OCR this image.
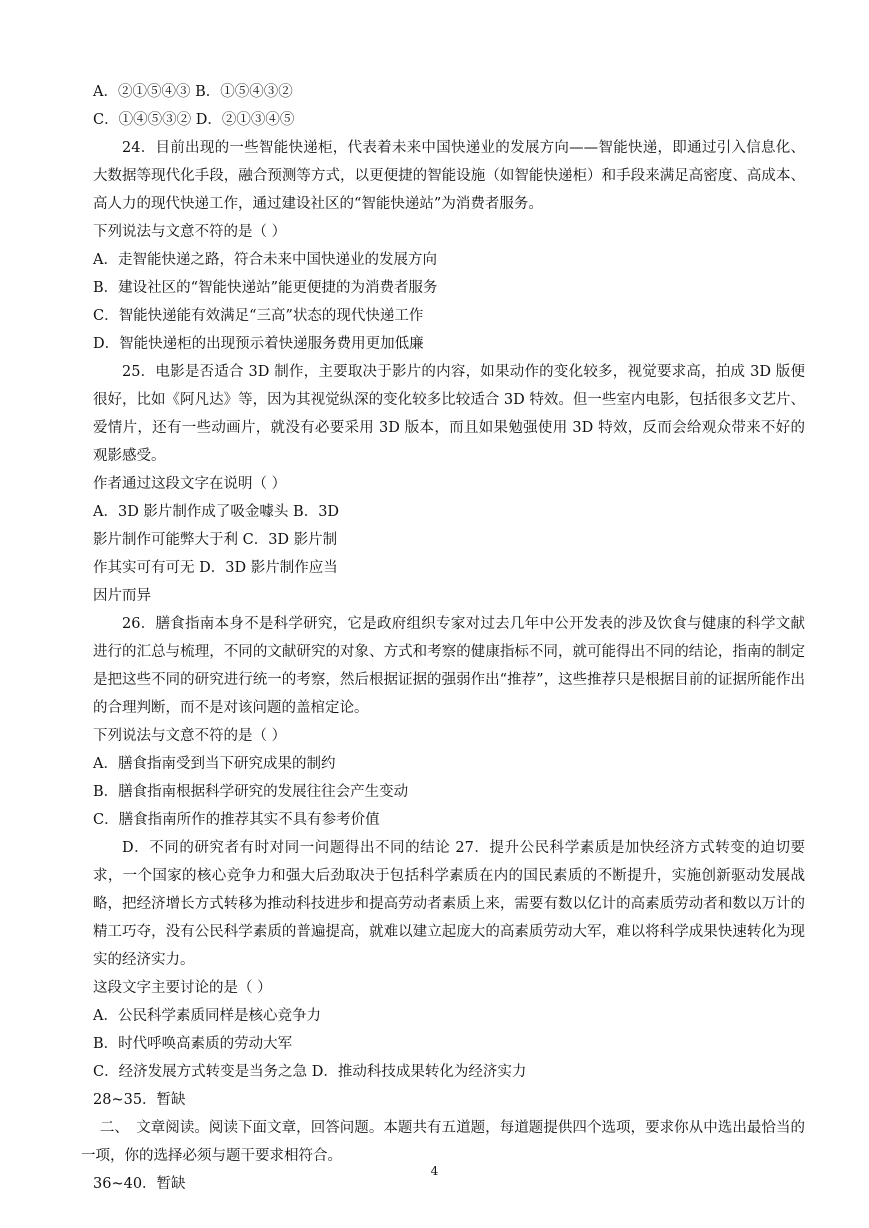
A．②①⑤④③ B．①⑤④③②
C．①④⑤③② D．②①③④⑤
24．目前出现的一些智能快递柜，代表着未来中国快递业的发展方向——智能快递，即通过引入信息化、大数据等现代化手段，融合预测等方式，以更便捷的智能设施（如智能快递柜）和手段来满足高密度、高成本、高人力的现代快递工作，通过建设社区的“智能快递站”为消费者服务。
下列说法与文意不符的是（ ）
A．走智能快递之路，符合未来中国快递业的发展方向
B．建设社区的“智能快递站”能更便捷的为消费者服务
C．智能快递能有效满足“三高”状态的现代快递工作
D．智能快递柜的出现预示着快递服务费用更加低廉
25．电影是否适合 3D 制作，主要取决于影片的内容，如果动作的变化较多，视觉要求高，拍成 3D 版便很好，比如《阿凡达》等，因为其视觉纵深的变化较多比较适合 3D 特效。但一些室内电影，包括很多文艺片、爱情片，还有一些动画片，就没有必要采用 3D 版本，而且如果勉强使用 3D 特效，反而会给观众带来不好的观影感受。
作者通过这段文字在说明（ ）
A．3D 影片制作成了吸金噱头 B．3D
影片制作可能弊大于利 C．3D 影片制
作其实可有可无 D．3D 影片制作应当
因片而异
26．膳食指南本身不是科学研究，它是政府组织专家对过去几年中公开发表的涉及饮食与健康的科学文献进行的汇总与梳理，不同的文献研究的对象、方式和考察的健康指标不同，就可能得出不同的结论，指南的制定是把这些不同的研究进行统一的考察，然后根据证据的强弱作出“推荐”，这些推荐只是根据目前的证据所能作出的合理判断，而不是对该问题的盖棺定论。
下列说法与文意不符的是（ ）
A．膳食指南受到当下研究成果的制约
B．膳食指南根据科学研究的发展往往会产生变动
C．膳食指南所作的推荐其实不具有参考价值
D．不同的研究者有时对同一问题得出不同的结论 27．提升公民科学素质是加快经济方式转变的迫切要求，一个国家的核心竞争力和强大后劲取决于包括科学素质在内的国民素质的不断提升，实施创新驱动发展战略，把经济增长方式转移为推动科技进步和提高劳动者素质上来，需要有数以亿计的高素质劳动者和数以万计的精工巧夺，没有公民科学素质的普遍提高，就难以建立起庞大的高素质劳动大军，难以将科学成果快速转化为现实的经济实力。
这段文字主要讨论的是（ ）
A．公民科学素质同样是核心竞争力
B．时代呼唤高素质的劳动大军
C．经济发展方式转变是当务之急 D．推动科技成果转化为经济实力
28~35．暂缺
二、　文章阅读。阅读下面文章，回答问题。本题共有五道题，每道题提供四个选项，要求你从中选出最恰当的一项，你的选择必须与题干要求相符合。
36~40．暂缺
4
